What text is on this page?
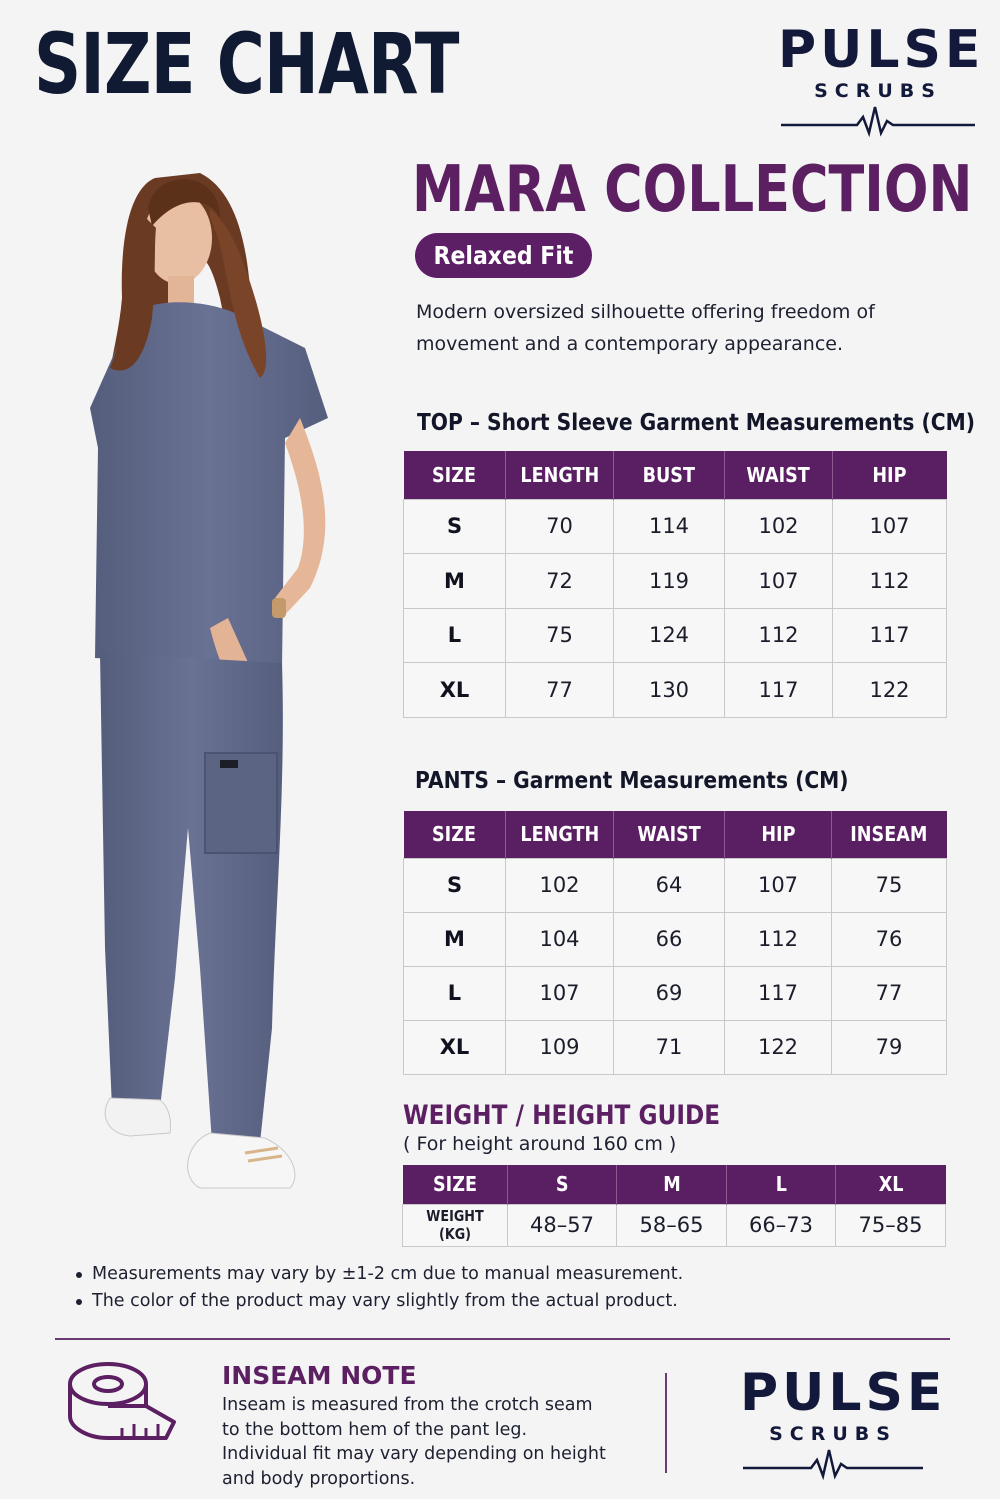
SIZE CHART	PULSE
SCRUBS
MARA COLLECTION
Relaxed Fit
Modern oversized silhouette offering freedom of movement and a contemporary appearance.
TOP – Short Sleeve Garment Measurements (CM)
SIZE	LENGTH	BUST	WAIST	HIP
S	70	114	102	107
M	72	119	107	112
L	75	124	112	117
XL	77	130	117	122
PANTS – Garment Measurements (CM)
SIZE	LENGTH	WAIST	HIP	INSEAM
S	102	64	107	75
M	104	66	112	76
L	107	69	117	77
XL	109	71	122	79
WEIGHT / HEIGHT GUIDE
( For height around 160 cm )
SIZE	S	M	L	XL
WEIGHT (KG)	48–57	58–65	66–73	75–85
Measurements may vary by ±1-2 cm due to manual measurement.
The color of the product may vary slightly from the actual product.
INSEAM NOTE
Inseam is measured from the crotch seam
to the bottom hem of the pant leg.
Individual fit may vary depending on height
and body proportions.
PULSE
SCRUBS
